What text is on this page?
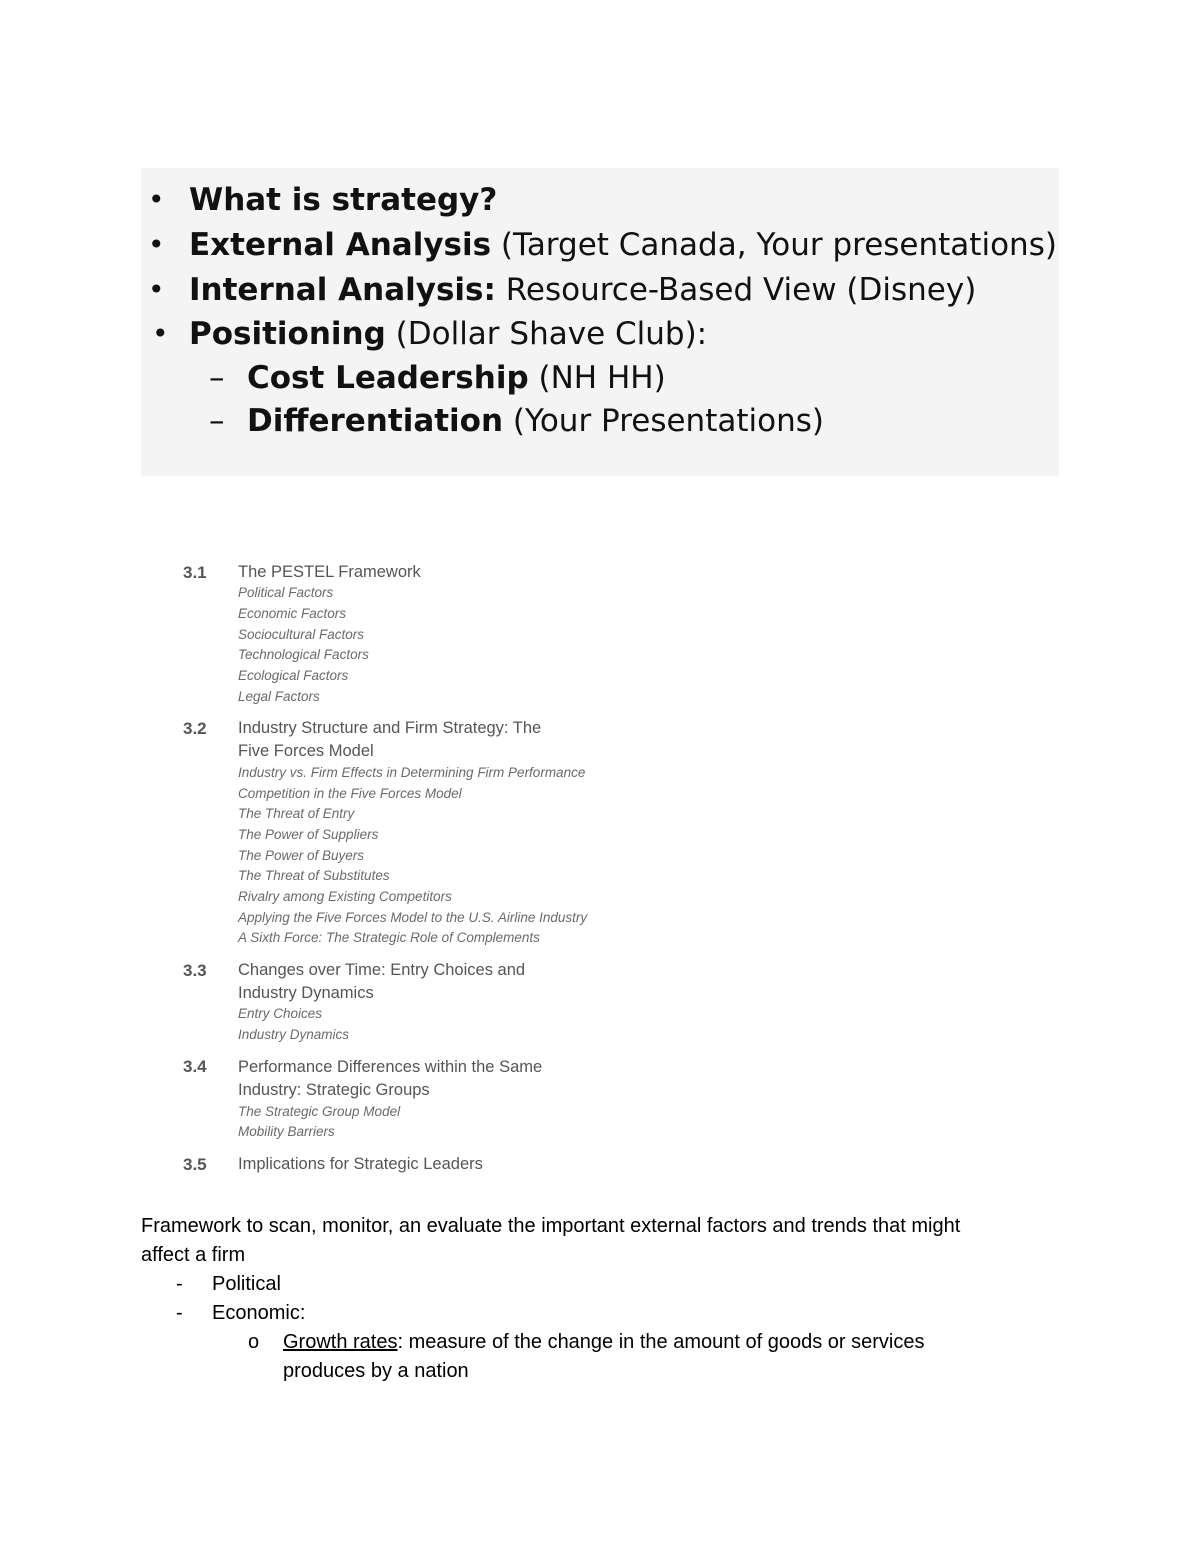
• What is strategy?
• External Analysis (Target Canada, Your presentations)
• Internal Analysis: Resource-Based View (Disney)
• Positioning (Dollar Shave Club):
– Cost Leadership (NH HH)
– Differentiation (Your Presentations)
3.1 The PESTEL Framework
Political Factors
Economic Factors
Sociocultural Factors
Technological Factors
Ecological Factors
Legal Factors
3.2 Industry Structure and Firm Strategy: The
Five Forces Model
Industry vs. Firm Effects in Determining Firm Performance
Competition in the Five Forces Model
The Threat of Entry
The Power of Suppliers
The Power of Buyers
The Threat of Substitutes
Rivalry among Existing Competitors
Applying the Five Forces Model to the U.S. Airline Industry
A Sixth Force: The Strategic Role of Complements
3.3 Changes over Time: Entry Choices and
Industry Dynamics
Entry Choices
Industry Dynamics
3.4 Performance Differences within the Same
Industry: Strategic Groups
The Strategic Group Model
Mobility Barriers
3.5 Implications for Strategic Leaders
Framework to scan, monitor, an evaluate the important external factors and trends that might
affect a firm
- Political
- Economic:
o Growth rates: measure of the change in the amount of goods or services
produces by a nation
